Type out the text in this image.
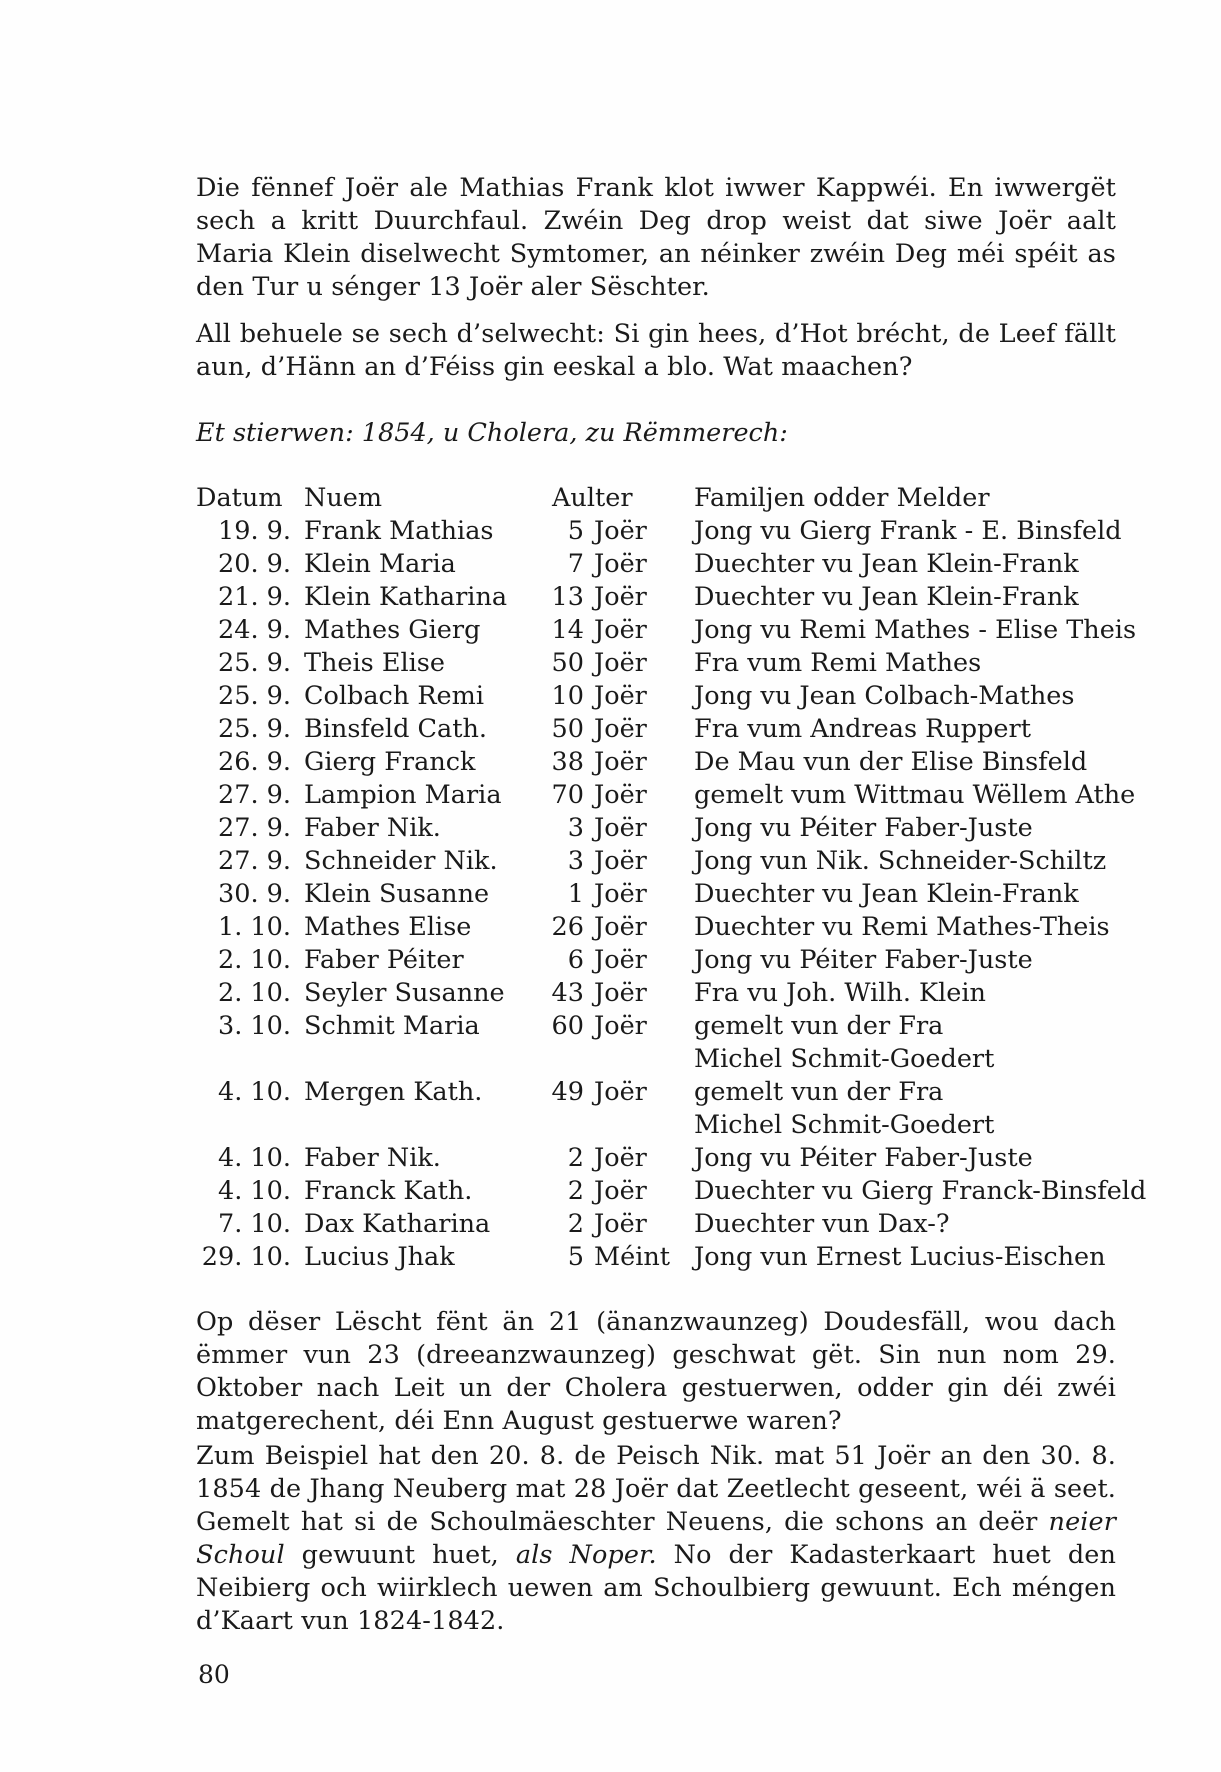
Die fënnef Joër ale Mathias Frank klot iwwer Kappwéi. En iwwergët sech a kritt Duurchfaul. Zwéin Deg drop weist dat siwe Joër aalt Maria Klein diselwecht Symtomer, an néinker zwéin Deg méi spéit as den Tur u sénger 13 Joër aler Sëschter.

All behuele se sech d’selwecht: Si gin hees, d’Hot brécht, de Leef fällt aun, d’Hänn an d’Féiss gin eeskal a blo. Wat maachen?

Et stierwen: 1854, u Cholera, zu Rëmmerech:
Datum Nuem	Aulter Familjen odder Melder
19. 9. Frank Mathias	5 Joër Jong vu Gierg Frank - E. Binsfeld
20. 9. Klein Maria	7 Joër Duechter vu Jean Klein-Frank
21. 9. Klein Katharina 13 Joër Duechter vu Jean Klein-Frank
24. 9. Mathes Gierg	14 Joër Jong vu Remi Mathes - Elise Theis
25. 9. Theis Elise	50 Joër Fra vum Remi Mathes
25. 9. Colbach Remi	10 Joër Jong vu Jean Colbach-Mathes
25. 9. Binsfeld Cath.	50 Joër Fra vum Andreas Ruppert
26. 9. Gierg Franck	38 Joër De Mau vun der Elise Binsfeld
27. 9. Lampion Maria 70 Joër gemelt vum Wittmau Wëllem Athe
27. 9. Faber Nik.	3 Joër Jong vu Péiter Faber-Juste
27. 9. Schneider Nik.	3 Joër Jong vun Nik. Schneider-Schiltz
30. 9. Klein Susanne	1 Joër Duechter vu Jean Klein-Frank
1. 10. Mathes Elise	26 Joër Duechter vu Remi Mathes-Theis
2. 10. Faber Péiter	6 Joër Jong vu Péiter Faber-Juste
2. 10. Seyler Susanne 43 Joër Fra vu Joh. Wilh. Klein
3. 10. Schmit Maria	60 Joër gemelt vun der Fra
Michel Schmit-Goedert
4. 10. Mergen Kath.	49 Joër gemelt vun der Fra
Michel Schmit-Goedert
4. 10. Faber Nik.	2 Joër Jong vu Péiter Faber-Juste
4. 10. Franck Kath.	2 Joër Duechter vu Gierg Franck-Binsfeld
7. 10. Dax Katharina	2 Joër Duechter vun Dax-?
29. 10. Lucius Jhak	5 Méint Jong vun Ernest Lucius-Eischen

Op dëser Lëscht fënt än 21 (änanzwaunzeg) Doudesfäll, wou dach ëmmer vun 23 (dreeanzwaunzeg) geschwat gët. Sin nun nom 29. Oktober nach Leit un der Cholera gestuerwen, odder gin déi zwéi matgerechent, déi Enn August gestuerwe waren?

Zum Beispiel hat den 20. 8. de Peisch Nik. mat 51 Joër an den 30. 8. 1854 de Jhang Neuberg mat 28 Joër dat Zeetlecht geseent, wéi ä seet. Gemelt hat si de Schoulmäeschter Neuens, die schons an deër neier Schoul gewuunt huet, als Noper. No der Kadasterkaart huet den Neibierg och wiirklech uewen am Schoulbierg gewuunt. Ech méngen d’Kaart vun 1824-1842.

80
